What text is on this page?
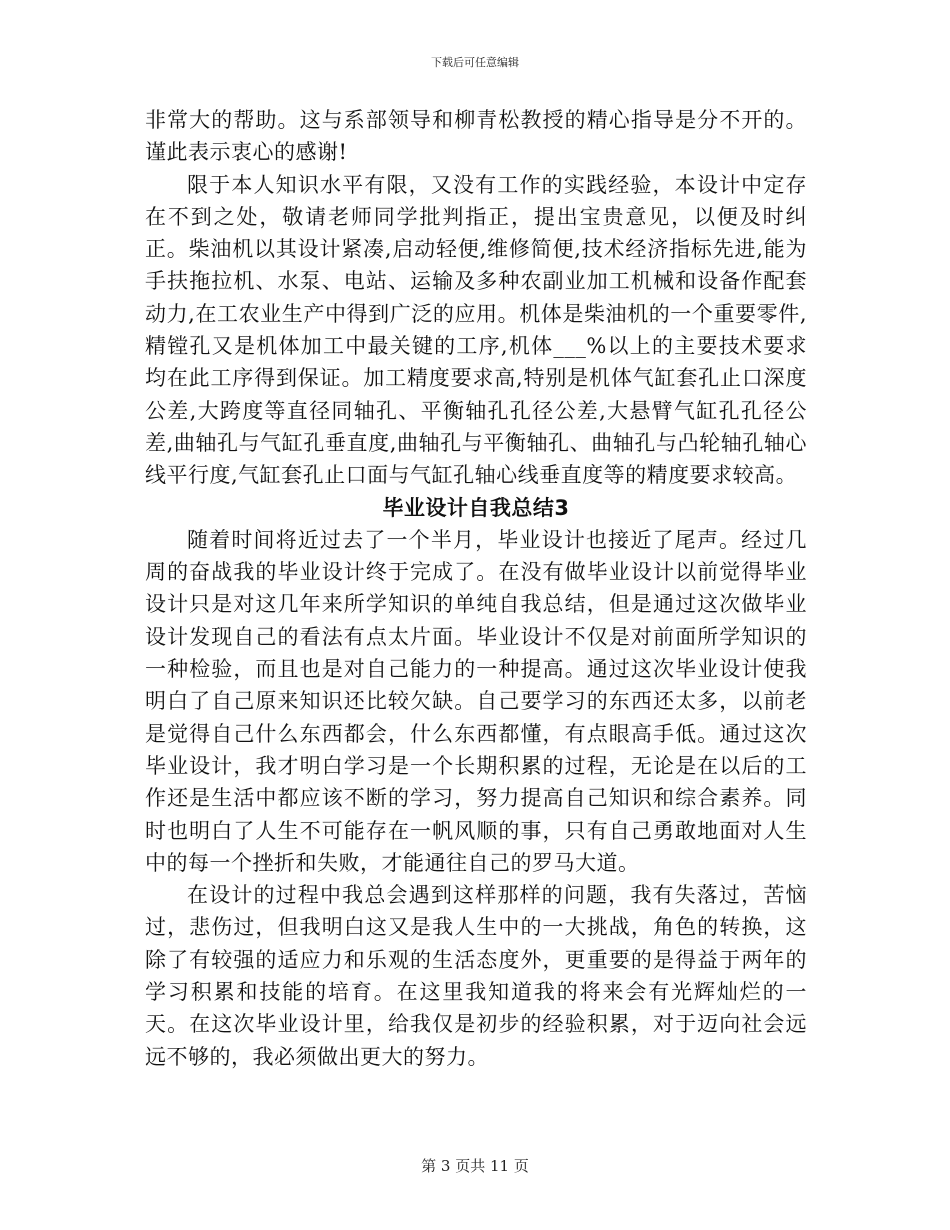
下载后可任意编辑

非常大的帮助。这与系部领导和柳青松教授的精心指导是分不开的。谨此表示衷心的感谢!

限于本人知识水平有限，又没有工作的实践经验，本设计中定存在不到之处，敬请老师同学批判指正，提出宝贵意见，以便及时纠正。柴油机以其设计紧凑,启动轻便,维修简便,技术经济指标先进,能为手扶拖拉机、水泵、电站、运输及多种农副业加工机械和设备作配套动力,在工农业生产中得到广泛的应用。机体是柴油机的一个重要零件,精镗孔又是机体加工中最关键的工序,机体___%以上的主要技术要求均在此工序得到保证。加工精度要求高,特别是机体气缸套孔止口深度公差,大跨度等直径同轴孔、平衡轴孔孔径公差,大悬臂气缸孔孔径公差,曲轴孔与气缸孔垂直度,曲轴孔与平衡轴孔、曲轴孔与凸轮轴孔轴心线平行度,气缸套孔止口面与气缸孔轴心线垂直度等的精度要求较高。

毕业设计自我总结3

随着时间将近过去了一个半月，毕业设计也接近了尾声。经过几周的奋战我的毕业设计终于完成了。在没有做毕业设计以前觉得毕业设计只是对这几年来所学知识的单纯自我总结，但是通过这次做毕业设计发现自己的看法有点太片面。毕业设计不仅是对前面所学知识的一种检验，而且也是对自己能力的一种提高。通过这次毕业设计使我明白了自己原来知识还比较欠缺。自己要学习的东西还太多，以前老是觉得自己什么东西都会，什么东西都懂，有点眼高手低。通过这次毕业设计，我才明白学习是一个长期积累的过程，无论是在以后的工作还是生活中都应该不断的学习，努力提高自己知识和综合素养。同时也明白了人生不可能存在一帆风顺的事，只有自己勇敢地面对人生中的每一个挫折和失败，才能通往自己的罗马大道。

在设计的过程中我总会遇到这样那样的问题，我有失落过，苦恼过，悲伤过，但我明白这又是我人生中的一大挑战，角色的转换，这除了有较强的适应力和乐观的生活态度外，更重要的是得益于两年的学习积累和技能的培育。在这里我知道我的将来会有光辉灿烂的一天。在这次毕业设计里，给我仅是初步的经验积累，对于迈向社会远远不够的，我必须做出更大的努力。

第 3 页共 11 页
